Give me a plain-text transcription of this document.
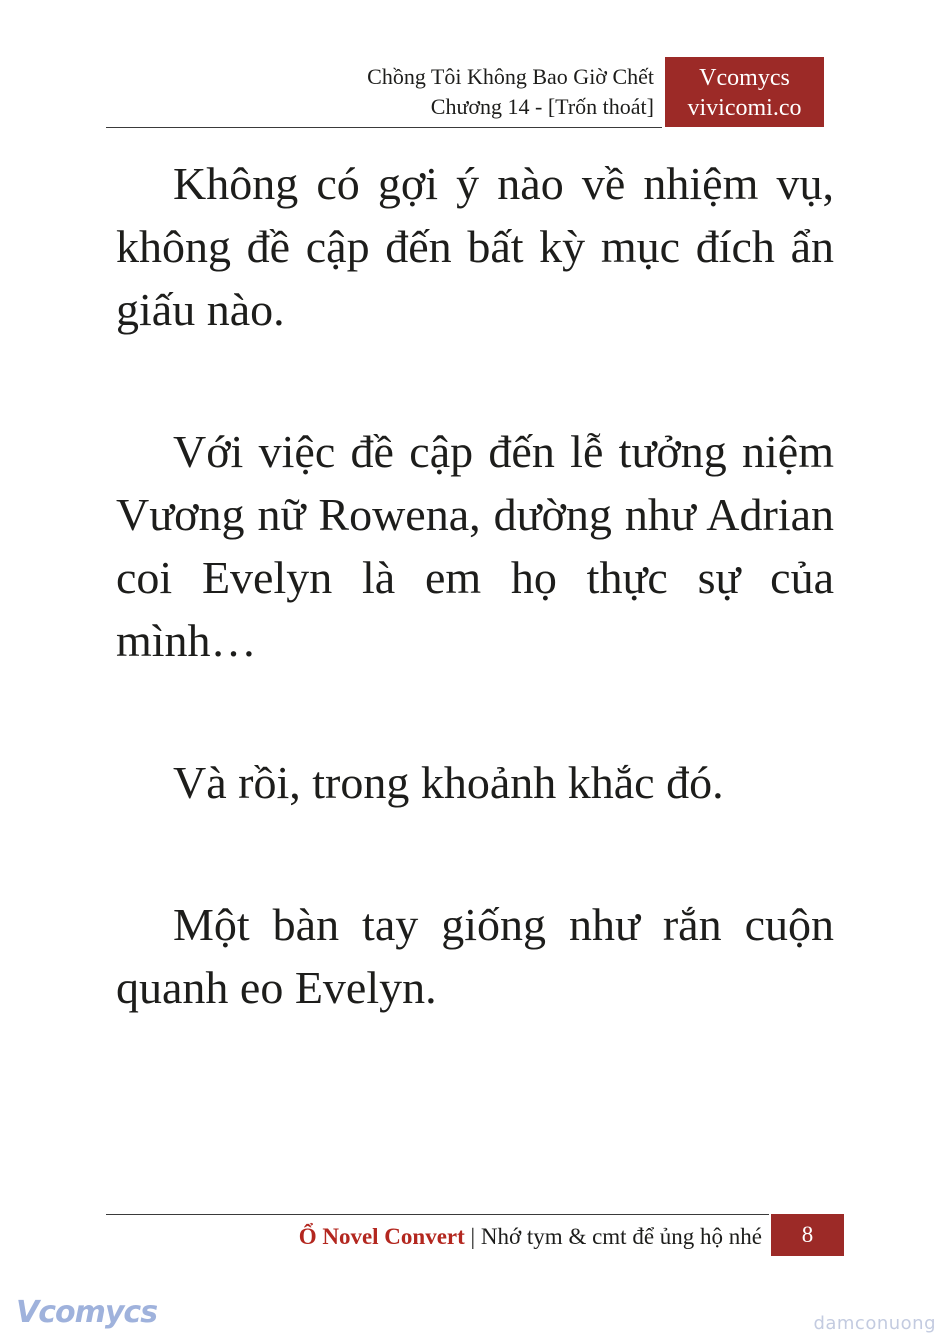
Chồng Tôi Không Bao Giờ Chết
Chương 14 - [Trốn thoát]
Vcomycs
vivicomi.co

Không có gợi ý nào về nhiệm vụ, không đề cập đến bất kỳ mục đích ẩn giấu nào.

Với việc đề cập đến lễ tưởng niệm Vương nữ Rowena, dường như Adrian coi Evelyn là em họ thực sự của mình…

Và rồi, trong khoảnh khắc đó.

Một bàn tay giống như rắn cuộn quanh eo Evelyn.

Ổ Novel Convert | Nhớ tym & cmt để ủng hộ nhé	8
Vcomycs	damconuong
